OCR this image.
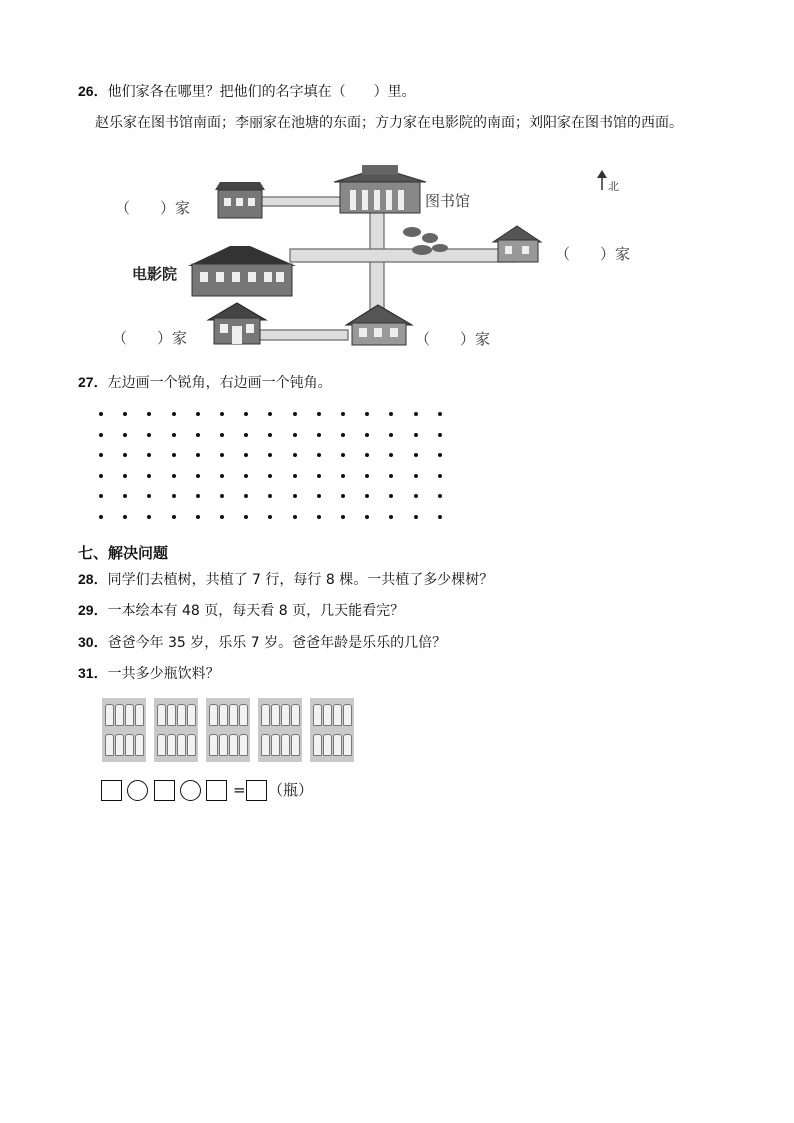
26．他们家各在哪里？把他们的名字填在（　　）里。
赵乐家在图书馆南面；李丽家在池塘的东面；方力家在电影院的南面；刘阳家在图书馆的西面。
（　　）家	图书馆
北
（　　）家
电影院
（　　）家	（　　）家
27．左边画一个锐角，右边画一个钝角。
七、解决问题
28．同学们去植树，共植了 7 行，每行 8 棵。一共植了多少棵树？
29．一本绘本有 48 页，每天看 8 页，几天能看完？
30．爸爸今年 35 岁，乐乐 7 岁。爸爸年龄是乐乐的几倍？
31．一共多少瓶饮料？
= （瓶）
